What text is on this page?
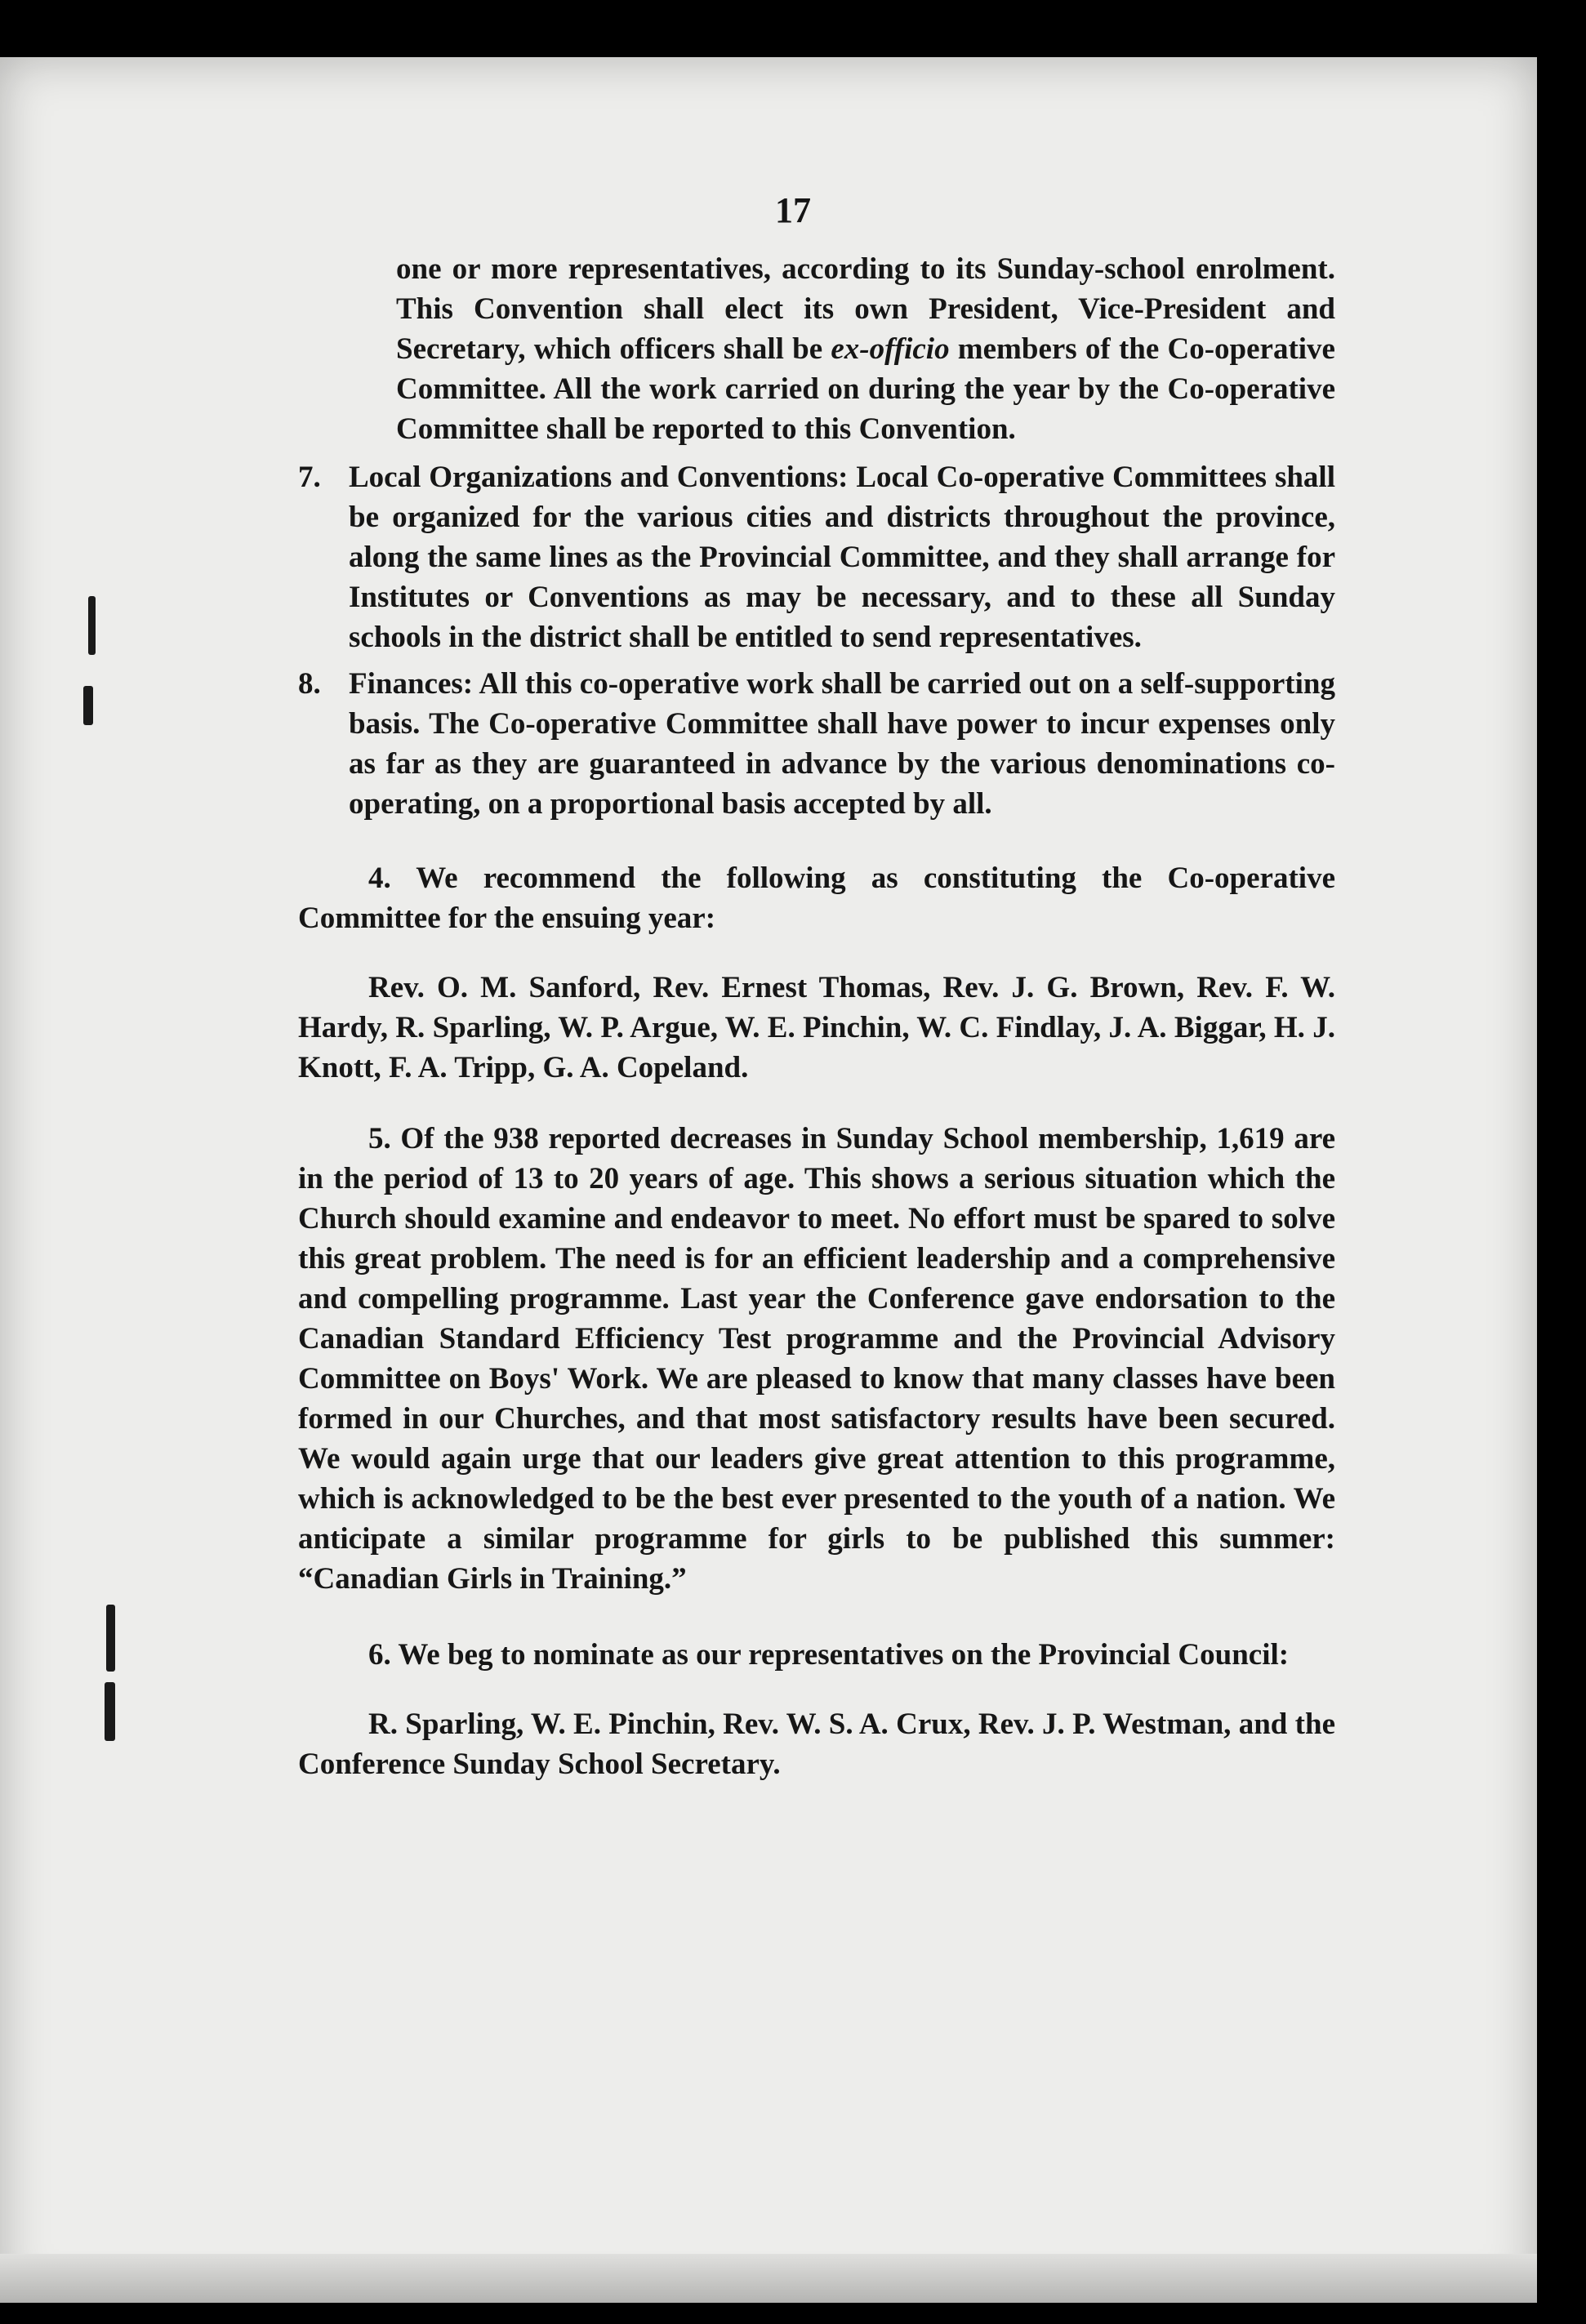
17

one or more representatives, according to its Sunday-school enrolment. This Convention shall elect its own President, Vice-President and Secretary, which officers shall be ex-officio members of the Co-operative Committee. All the work carried on during the year by the Co-operative Committee shall be reported to this Convention.

7. Local Organizations and Conventions: Local Co-operative Committees shall be organized for the various cities and districts throughout the province, along the same lines as the Provincial Committee, and they shall arrange for Institutes or Conventions as may be necessary, and to these all Sunday schools in the district shall be entitled to send representatives.

8. Finances: All this co-operative work shall be carried out on a self-supporting basis. The Co-operative Committee shall have power to incur expenses only as far as they are guaranteed in advance by the various denominations co-operating, on a proportional basis accepted by all.

4. We recommend the following as constituting the Co-operative Committee for the ensuing year:

Rev. O. M. Sanford, Rev. Ernest Thomas, Rev. J. G. Brown, Rev. F. W. Hardy, R. Sparling, W. P. Argue, W. E. Pinchin, W. C. Findlay, J. A. Biggar, H. J. Knott, F. A. Tripp, G. A. Copeland.

5. Of the 938 reported decreases in Sunday School membership, 1,619 are in the period of 13 to 20 years of age. This shows a serious situation which the Church should examine and endeavor to meet. No effort must be spared to solve this great problem. The need is for an efficient leadership and a comprehensive and compelling programme. Last year the Conference gave endorsation to the Canadian Standard Efficiency Test programme and the Provincial Advisory Committee on Boys' Work. We are pleased to know that many classes have been formed in our Churches, and that most satisfactory results have been secured. We would again urge that our leaders give great attention to this programme, which is acknowledged to be the best ever presented to the youth of a nation. We anticipate a similar programme for girls to be published this summer: “Canadian Girls in Training.”

6. We beg to nominate as our representatives on the Provincial Council:

R. Sparling, W. E. Pinchin, Rev. W. S. A. Crux, Rev. J. P. Westman, and the Conference Sunday School Secretary.
